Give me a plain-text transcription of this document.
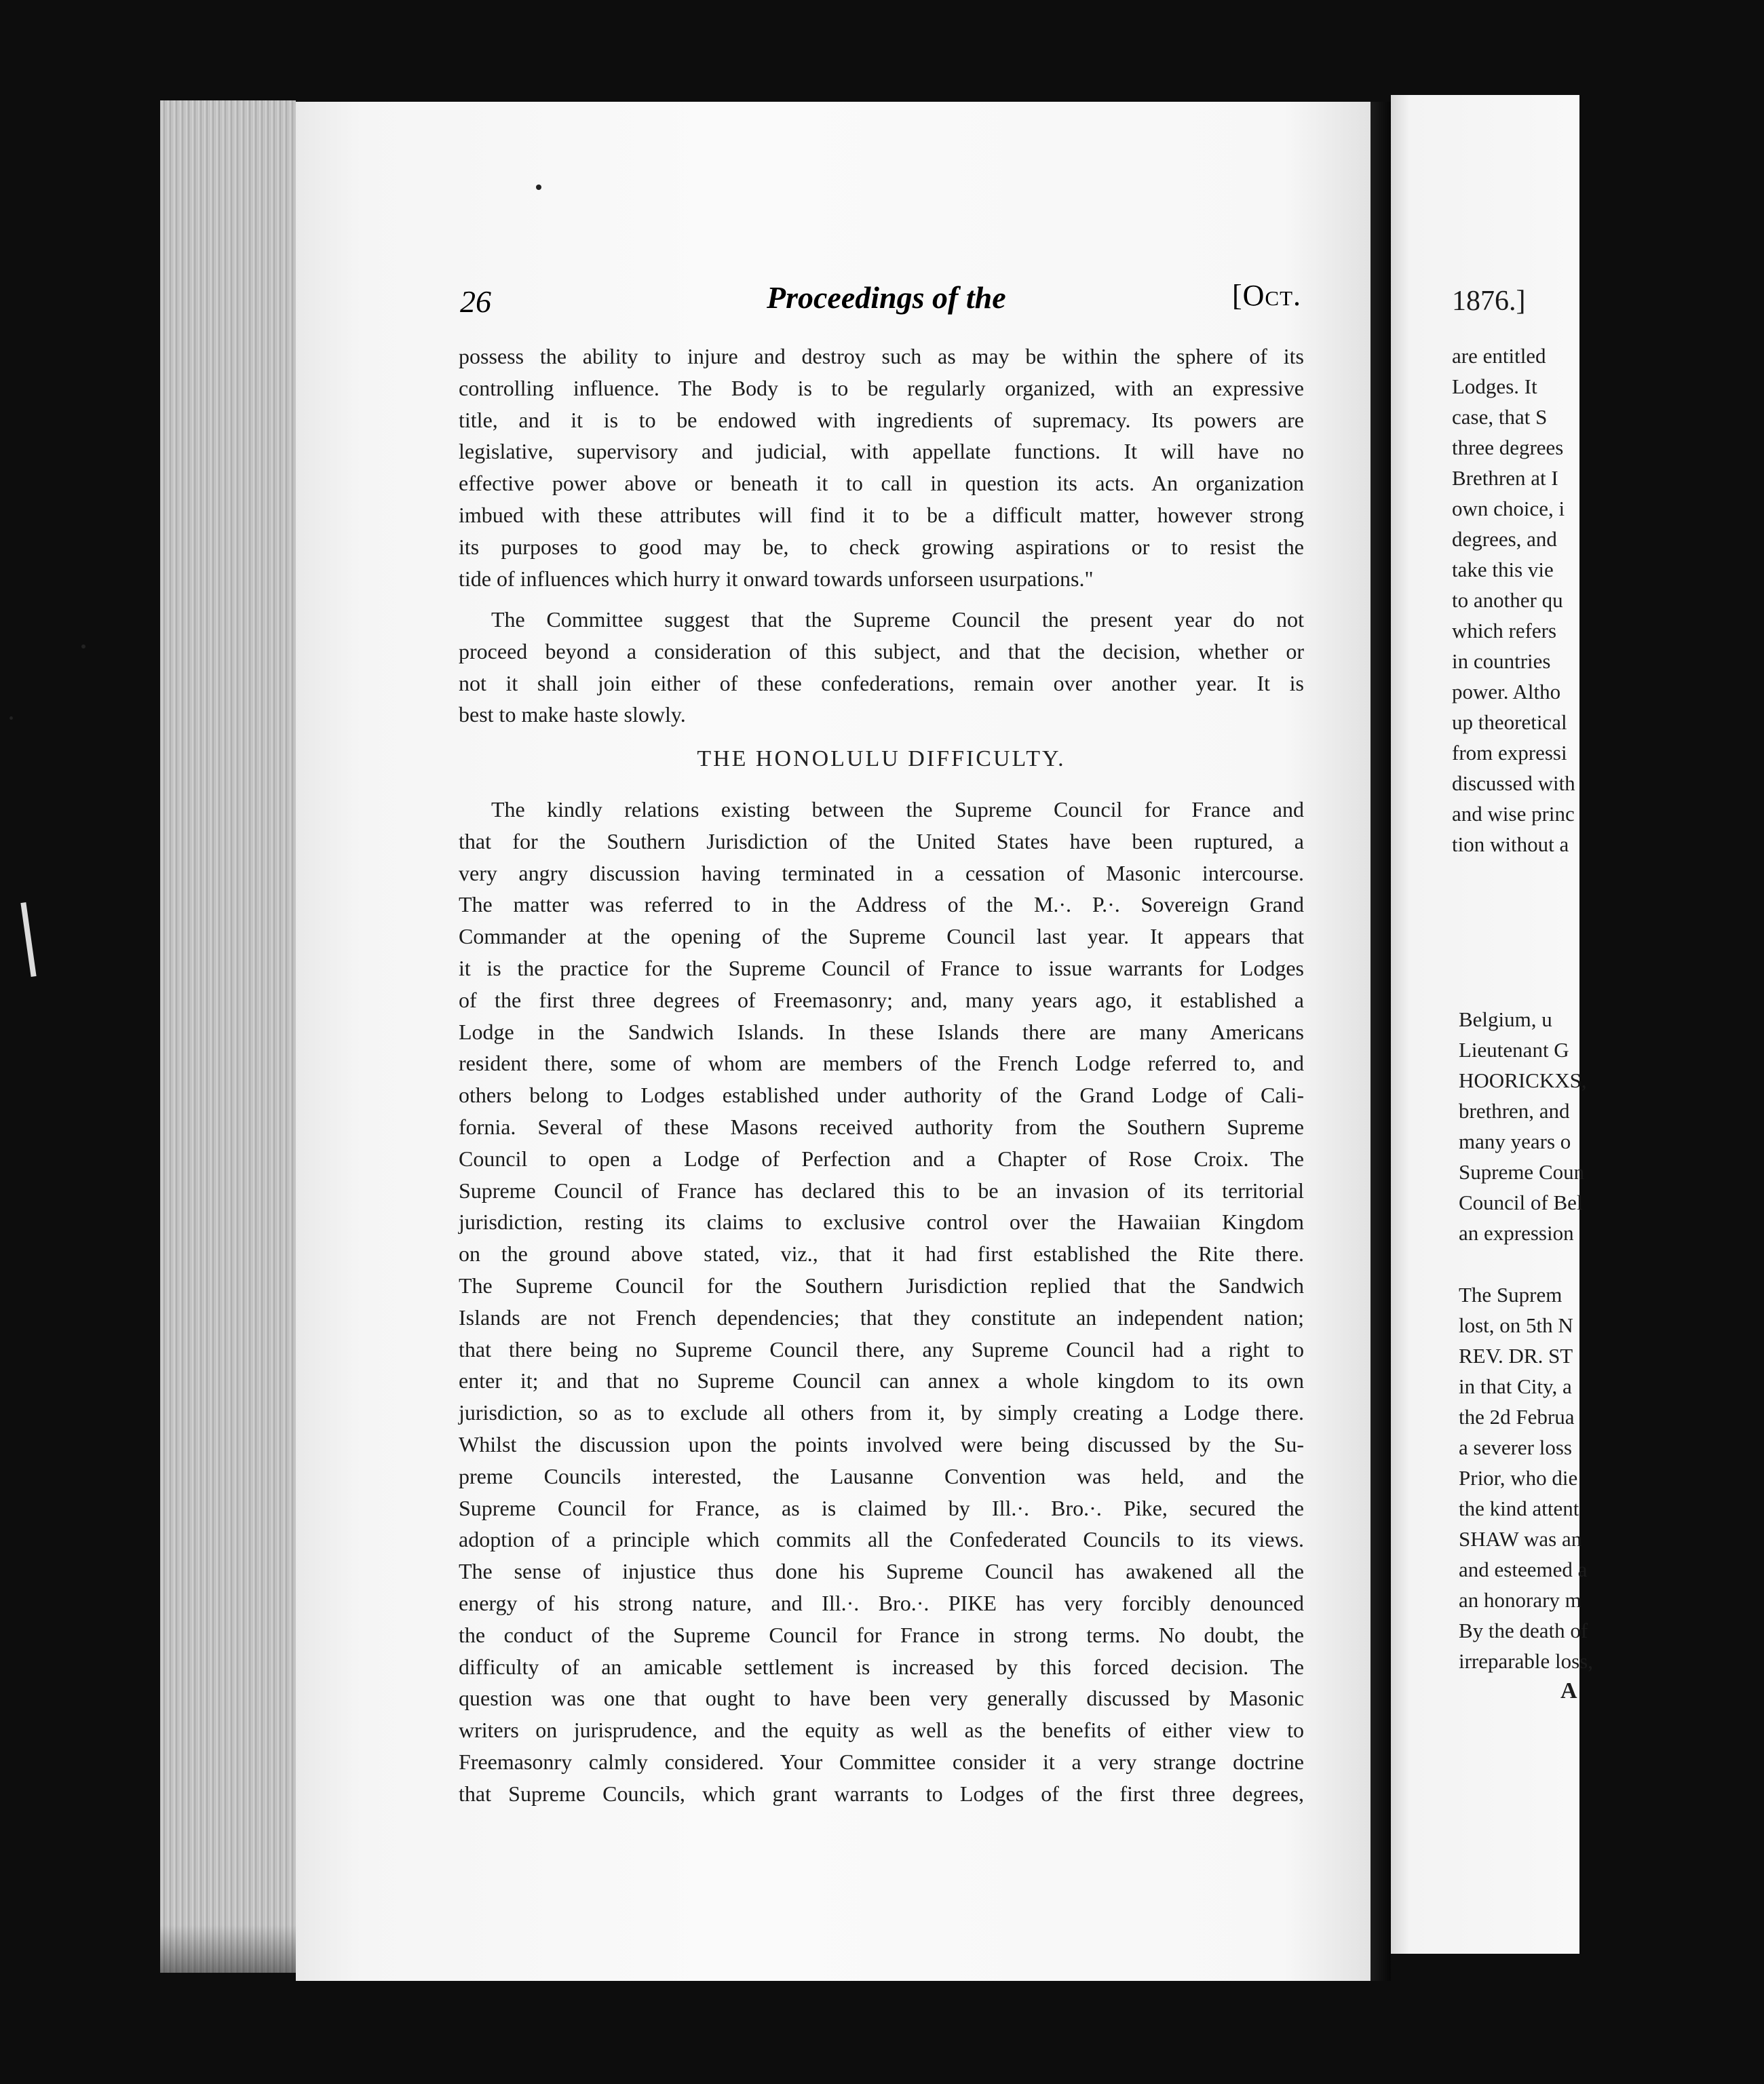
26	Proceedings of the	[Oct.
possess the ability to injure and destroy such as may be within the sphere of its
controlling influence. The Body is to be regularly organized, with an expressive
title, and it is to be endowed with ingredients of supremacy. Its powers are
legislative, supervisory and judicial, with appellate functions. It will have no
effective power above or beneath it to call in question its acts. An organization
imbued with these attributes will find it to be a difficult matter, however strong
its purposes to good may be, to check growing aspirations or to resist the
tide of influences which hurry it onward towards unforseen usurpations."
The Committee suggest that the Supreme Council the present year do not
proceed beyond a consideration of this subject, and that the decision, whether or
not it shall join either of these confederations, remain over another year. It is
best to make haste slowly.
THE HONOLULU DIFFICULTY.
The kindly relations existing between the Supreme Council for France and
that for the Southern Jurisdiction of the United States have been ruptured, a
very angry discussion having terminated in a cessation of Masonic intercourse.
The matter was referred to in the Address of the M.·. P.·. Sovereign Grand
Commander at the opening of the Supreme Council last year. It appears that
it is the practice for the Supreme Council of France to issue warrants for Lodges
of the first three degrees of Freemasonry; and, many years ago, it established a
Lodge in the Sandwich Islands. In these Islands there are many Americans
resident there, some of whom are members of the French Lodge referred to, and
others belong to Lodges established under authority of the Grand Lodge of Cali-
fornia. Several of these Masons received authority from the Southern Supreme
Council to open a Lodge of Perfection and a Chapter of Rose Croix. The
Supreme Council of France has declared this to be an invasion of its territorial
jurisdiction, resting its claims to exclusive control over the Hawaiian Kingdom
on the ground above stated, viz., that it had first established the Rite there.
The Supreme Council for the Southern Jurisdiction replied that the Sandwich
Islands are not French dependencies; that they constitute an independent nation;
that there being no Supreme Council there, any Supreme Council had a right to
enter it; and that no Supreme Council can annex a whole kingdom to its own
jurisdiction, so as to exclude all others from it, by simply creating a Lodge there.
Whilst the discussion upon the points involved were being discussed by the Su-
preme Councils interested, the Lausanne Convention was held, and the
Supreme Council for France, as is claimed by Ill.·. Bro.·. Pike, secured the
adoption of a principle which commits all the Confederated Councils to its views.
The sense of injustice thus done his Supreme Council has awakened all the
energy of his strong nature, and Ill.·. Bro.·. PIKE has very forcibly denounced
the conduct of the Supreme Council for France in strong terms. No doubt, the
difficulty of an amicable settlement is increased by this forced decision. The
question was one that ought to have been very generally discussed by Masonic
writers on jurisprudence, and the equity as well as the benefits of either view to
Freemasonry calmly considered. Your Committee consider it a very strange doctrine
that Supreme Councils, which grant warrants to Lodges of the first three degrees,
1876.]
are entitled
Lodges. It
case, that S
three degrees
Brethren at I
own choice, i
degrees, and
take this vie
to another qu
which refers
in countries
power. Altho
up theoretical
from expressi
discussed with
and wise princ
tion without a
Belgium, u
Lieutenant G
HOORICKXS,
brethren, and
many years o
Supreme Coun
Council of Bel
an expression
The Suprem
lost, on 5th N
REV. DR. ST
in that City, a
the 2d Februa
a severer loss
Prior, who die
the kind attent
SHAW was an
and esteemed a
an honorary m
By the death of
irreparable loss,
A
